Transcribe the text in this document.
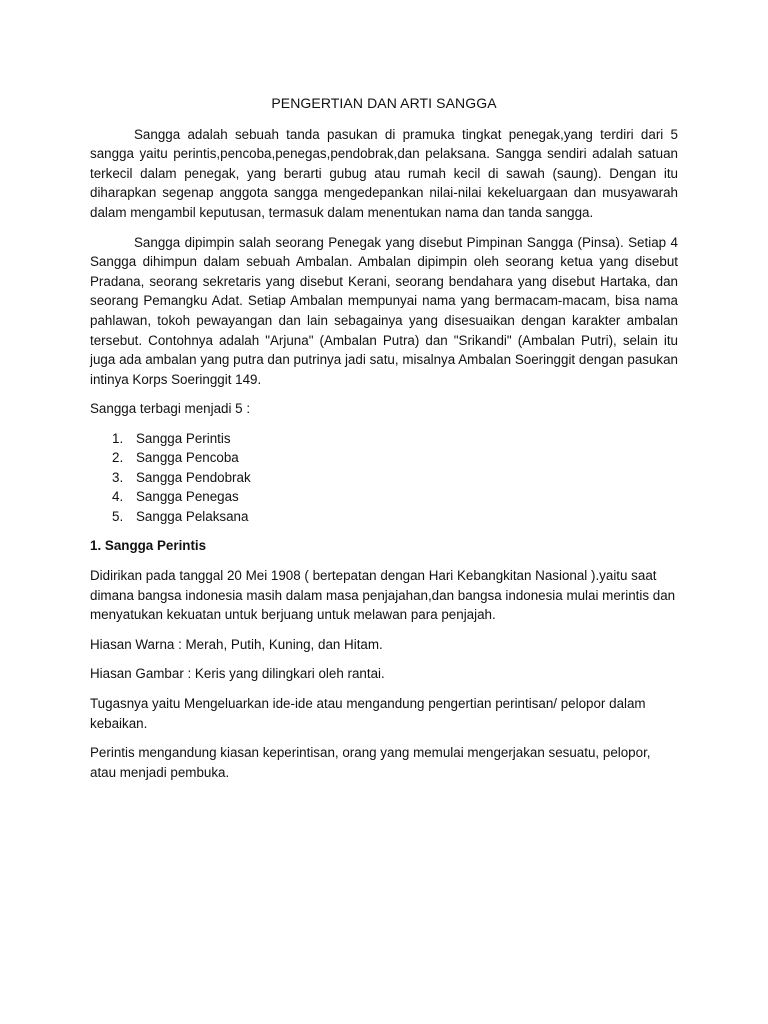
PENGERTIAN DAN ARTI SANGGA

Sangga adalah sebuah tanda pasukan di pramuka tingkat penegak,yang terdiri dari 5 sangga yaitu perintis,pencoba,penegas,pendobrak,dan pelaksana. Sangga sendiri adalah satuan terkecil dalam penegak, yang berarti gubug atau rumah kecil di sawah (saung). Dengan itu diharapkan segenap anggota sangga mengedepankan nilai-nilai kekeluargaan dan musyawarah dalam mengambil keputusan, termasuk dalam menentukan nama dan tanda sangga.

Sangga dipimpin salah seorang Penegak yang disebut Pimpinan Sangga (Pinsa). Setiap 4 Sangga dihimpun dalam sebuah Ambalan. Ambalan dipimpin oleh seorang ketua yang disebut Pradana, seorang sekretaris yang disebut Kerani, seorang bendahara yang disebut Hartaka, dan seorang Pemangku Adat. Setiap Ambalan mempunyai nama yang bermacam-macam, bisa nama pahlawan, tokoh pewayangan dan lain sebagainya yang disesuaikan dengan karakter ambalan tersebut. Contohnya adalah "Arjuna" (Ambalan Putra) dan "Srikandi" (Ambalan Putri), selain itu juga ada ambalan yang putra dan putrinya jadi satu, misalnya Ambalan Soeringgit dengan pasukan intinya Korps Soeringgit 149.

Sangga terbagi menjadi 5 :

1. Sangga Perintis
2. Sangga Pencoba
3. Sangga Pendobrak
4. Sangga Penegas
5. Sangga Pelaksana

1. Sangga Perintis

Didirikan pada tanggal 20 Mei 1908 ( bertepatan dengan Hari Kebangkitan Nasional ).yaitu saat dimana bangsa indonesia masih dalam masa penjajahan,dan bangsa indonesia mulai merintis dan menyatukan kekuatan untuk berjuang untuk melawan para penjajah.

Hiasan Warna : Merah, Putih, Kuning, dan Hitam.

Hiasan Gambar : Keris yang dilingkari oleh rantai.

Tugasnya yaitu Mengeluarkan ide-ide atau mengandung pengertian perintisan/ pelopor dalam kebaikan.

Perintis mengandung kiasan keperintisan, orang yang memulai mengerjakan sesuatu, pelopor, atau menjadi pembuka.
